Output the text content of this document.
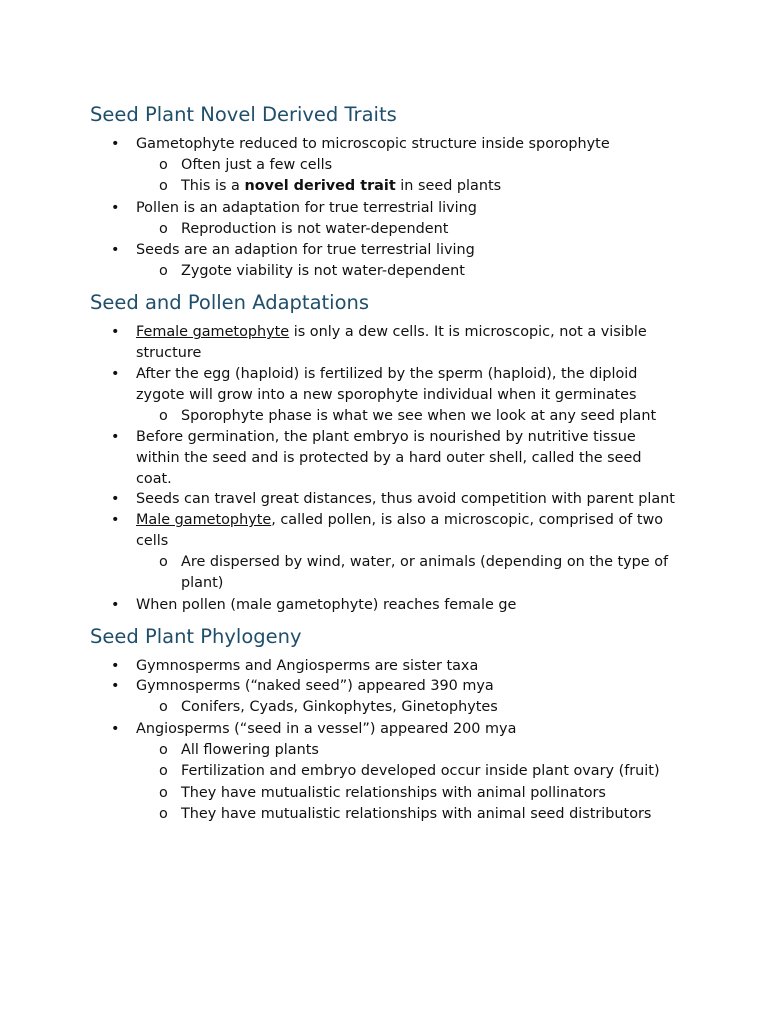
Seed Plant Novel Derived Traits
• Gametophyte reduced to microscopic structure inside sporophyte
o Often just a few cells
o This is a novel derived trait in seed plants
• Pollen is an adaptation for true terrestrial living
o Reproduction is not water-dependent
• Seeds are an adaption for true terrestrial living
o Zygote viability is not water-dependent
Seed and Pollen Adaptations
• Female gametophyte is only a dew cells. It is microscopic, not a visible structure
• After the egg (haploid) is fertilized by the sperm (haploid), the diploid zygote will grow into a new sporophyte individual when it germinates
o Sporophyte phase is what we see when we look at any seed plant
• Before germination, the plant embryo is nourished by nutritive tissue within the seed and is protected by a hard outer shell, called the seed coat.
• Seeds can travel great distances, thus avoid competition with parent plant
• Male gametophyte, called pollen, is also a microscopic, comprised of two cells
o Are dispersed by wind, water, or animals (depending on the type of plant)
• When pollen (male gametophyte) reaches female ge
Seed Plant Phylogeny
• Gymnosperms and Angiosperms are sister taxa
• Gymnosperms (“naked seed”) appeared 390 mya
o Conifers, Cyads, Ginkophytes, Ginetophytes
• Angiosperms (“seed in a vessel”) appeared 200 mya
o All flowering plants
o Fertilization and embryo developed occur inside plant ovary (fruit)
o They have mutualistic relationships with animal pollinators
o They have mutualistic relationships with animal seed distributors
